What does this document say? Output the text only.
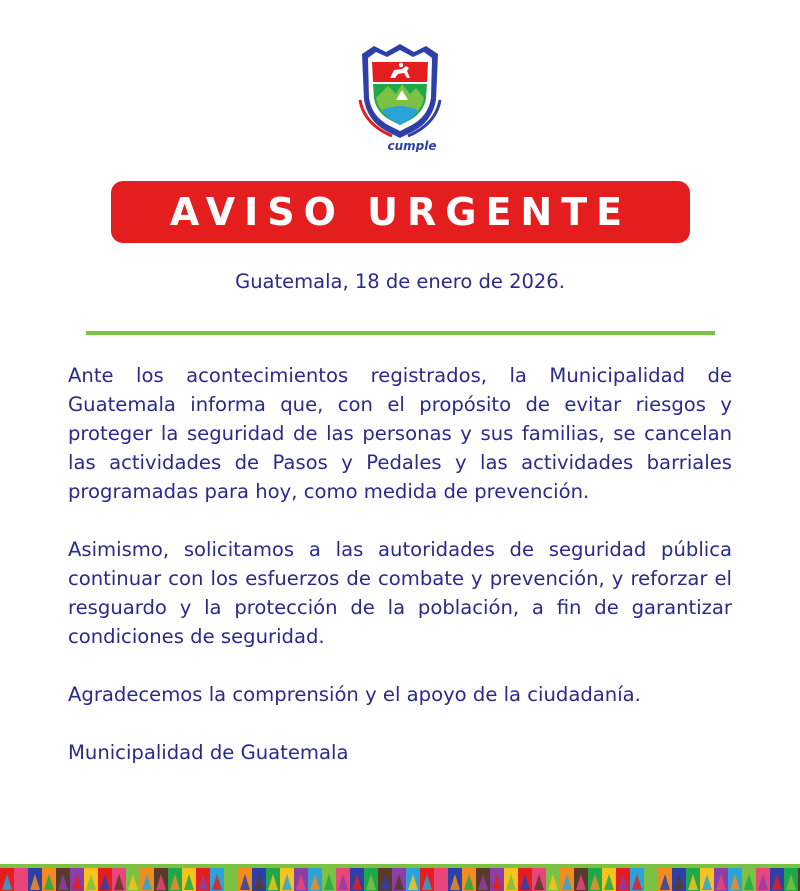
cumple
AVISO URGENTE
Guatemala, 18 de enero de 2026.

Ante los acontecimientos registrados, la Municipalidad de Guatemala informa que, con el propósito de evitar riesgos y proteger la seguridad de las personas y sus familias, se cancelan las actividades de Pasos y Pedales y las actividades barriales programadas para hoy, como medida de prevención.

Asimismo, solicitamos a las autoridades de seguridad pública continuar con los esfuerzos de combate y prevención, y reforzar el resguardo y la protección de la población, a fin de garantizar condiciones de seguridad.

Agradecemos la comprensión y el apoyo de la ciudadanía.

Municipalidad de Guatemala
